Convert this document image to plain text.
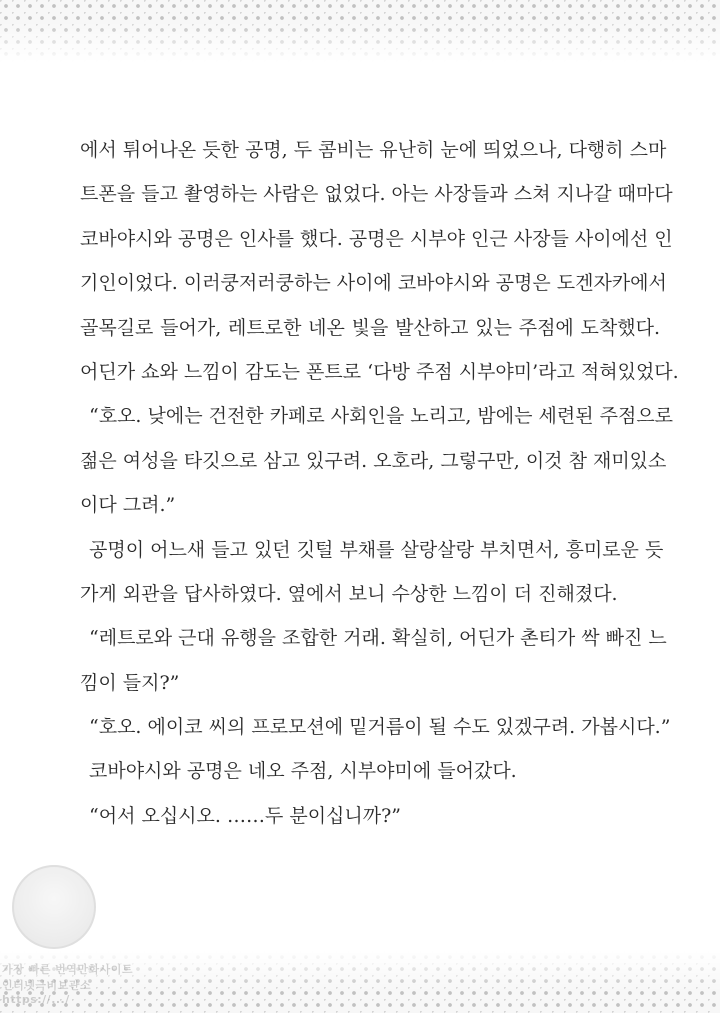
에서 튀어나온 듯한 공명, 두 콤비는 유난히 눈에 띄었으나, 다행히 스마
트폰을 들고 촬영하는 사람은 없었다. 아는 사장들과 스쳐 지나갈 때마다
코바야시와 공명은 인사를 했다. 공명은 시부야 인근 사장들 사이에선 인
기인이었다. 이러쿵저러쿵하는 사이에 코바야시와 공명은 도겐자카에서
골목길로 들어가, 레트로한 네온 빛을 발산하고 있는 주점에 도착했다.
어딘가 쇼와 느낌이 감도는 폰트로 ‘다방 주점 시부야미’라고 적혀있었다.
“호오. 낮에는 건전한 카페로 사회인을 노리고, 밤에는 세련된 주점으로
젊은 여성을 타깃으로 삼고 있구려. 오호라, 그렇구만, 이것 참 재미있소
이다 그려.”
공명이 어느새 들고 있던 깃털 부채를 살랑살랑 부치면서, 흥미로운 듯
가게 외관을 답사하였다. 옆에서 보니 수상한 느낌이 더 진해졌다.
“레트로와 근대 유행을 조합한 거래. 확실히, 어딘가 촌티가 싹 빠진 느
낌이 들지?”
“호오. 에이코 씨의 프로모션에 밑거름이 될 수도 있겠구려. 가봅시다.”
코바야시와 공명은 네오 주점, 시부야미에 들어갔다.
“어서 오십시오. ……두 분이십니까?”
가장 빠른 번역만화사이트
인터넷극비보관소
https://.../
